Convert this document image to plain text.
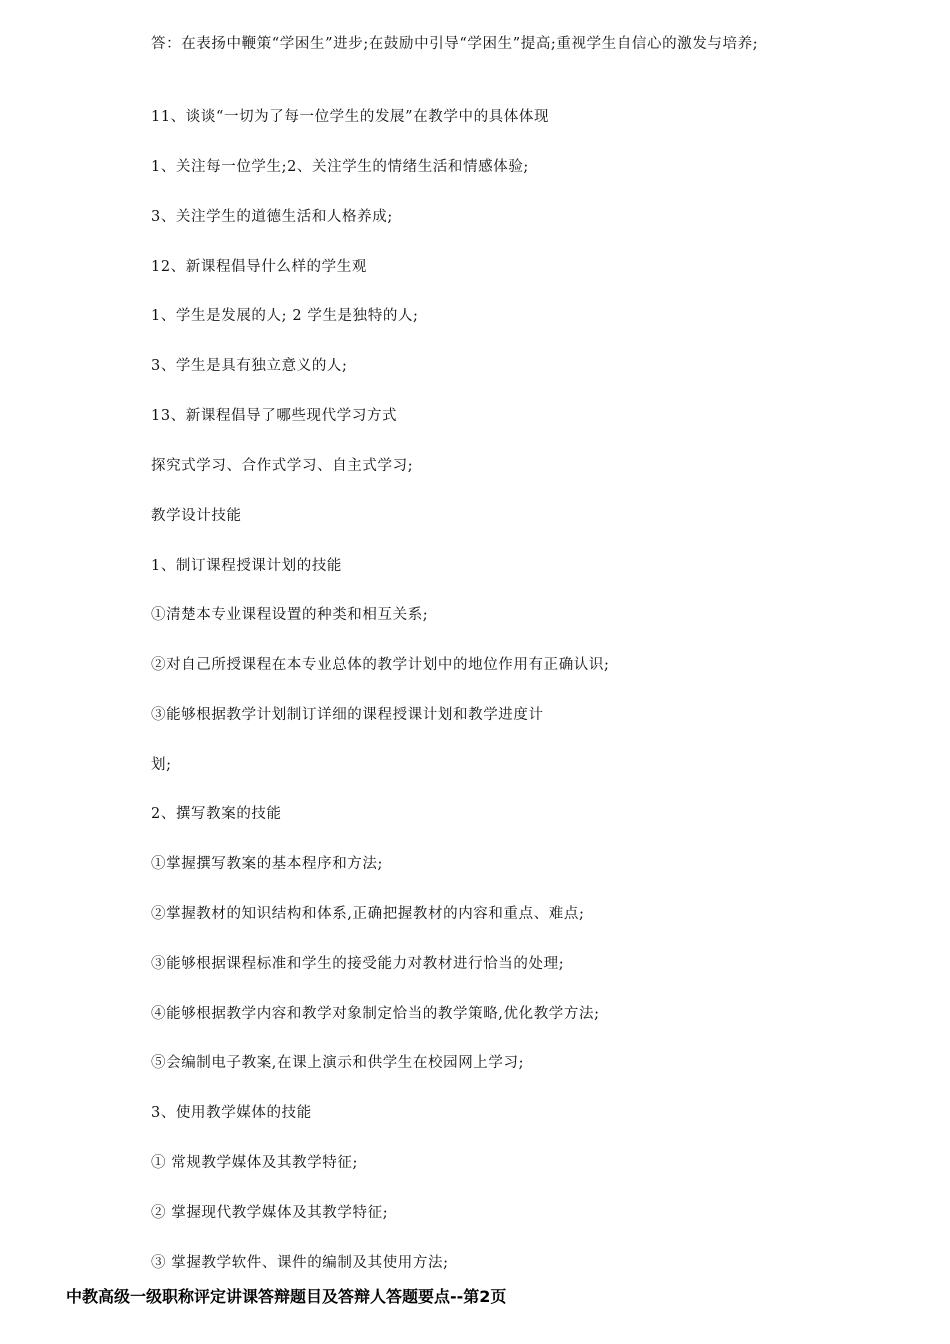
答：在表扬中鞭策“学困生”进步;在鼓励中引导“学困生”提高;重视学生自信心的激发与培养;
11、谈谈“一切为了每一位学生的发展”在教学中的具体体现
1、关注每一位学生;2、关注学生的情绪生活和情感体验;
3、关注学生的道德生活和人格养成;
12、新课程倡导什么样的学生观
1、学生是发展的人; 2 学生是独特的人;
3、学生是具有独立意义的人;
13、新课程倡导了哪些现代学习方式
探究式学习、合作式学习、自主式学习;
教学设计技能
1、制订课程授课计划的技能
①清楚本专业课程设置的种类和相互关系;
②对自己所授课程在本专业总体的教学计划中的地位作用有正确认识;
③能够根据教学计划制订详细的课程授课计划和教学进度计
划;
2、撰写教案的技能
①掌握撰写教案的基本程序和方法;
②掌握教材的知识结构和体系,正确把握教材的内容和重点、难点;
③能够根据课程标准和学生的接受能力对教材进行恰当的处理;
④能够根据教学内容和教学对象制定恰当的教学策略,优化教学方法;
⑤会编制电子教案,在课上演示和供学生在校园网上学习;
3、使用教学媒体的技能
① 常规教学媒体及其教学特征;
② 掌握现代教学媒体及其教学特征;
③ 掌握教学软件、课件的编制及其使用方法;
中教高级一级职称评定讲课答辩题目及答辩人答题要点--第2页
